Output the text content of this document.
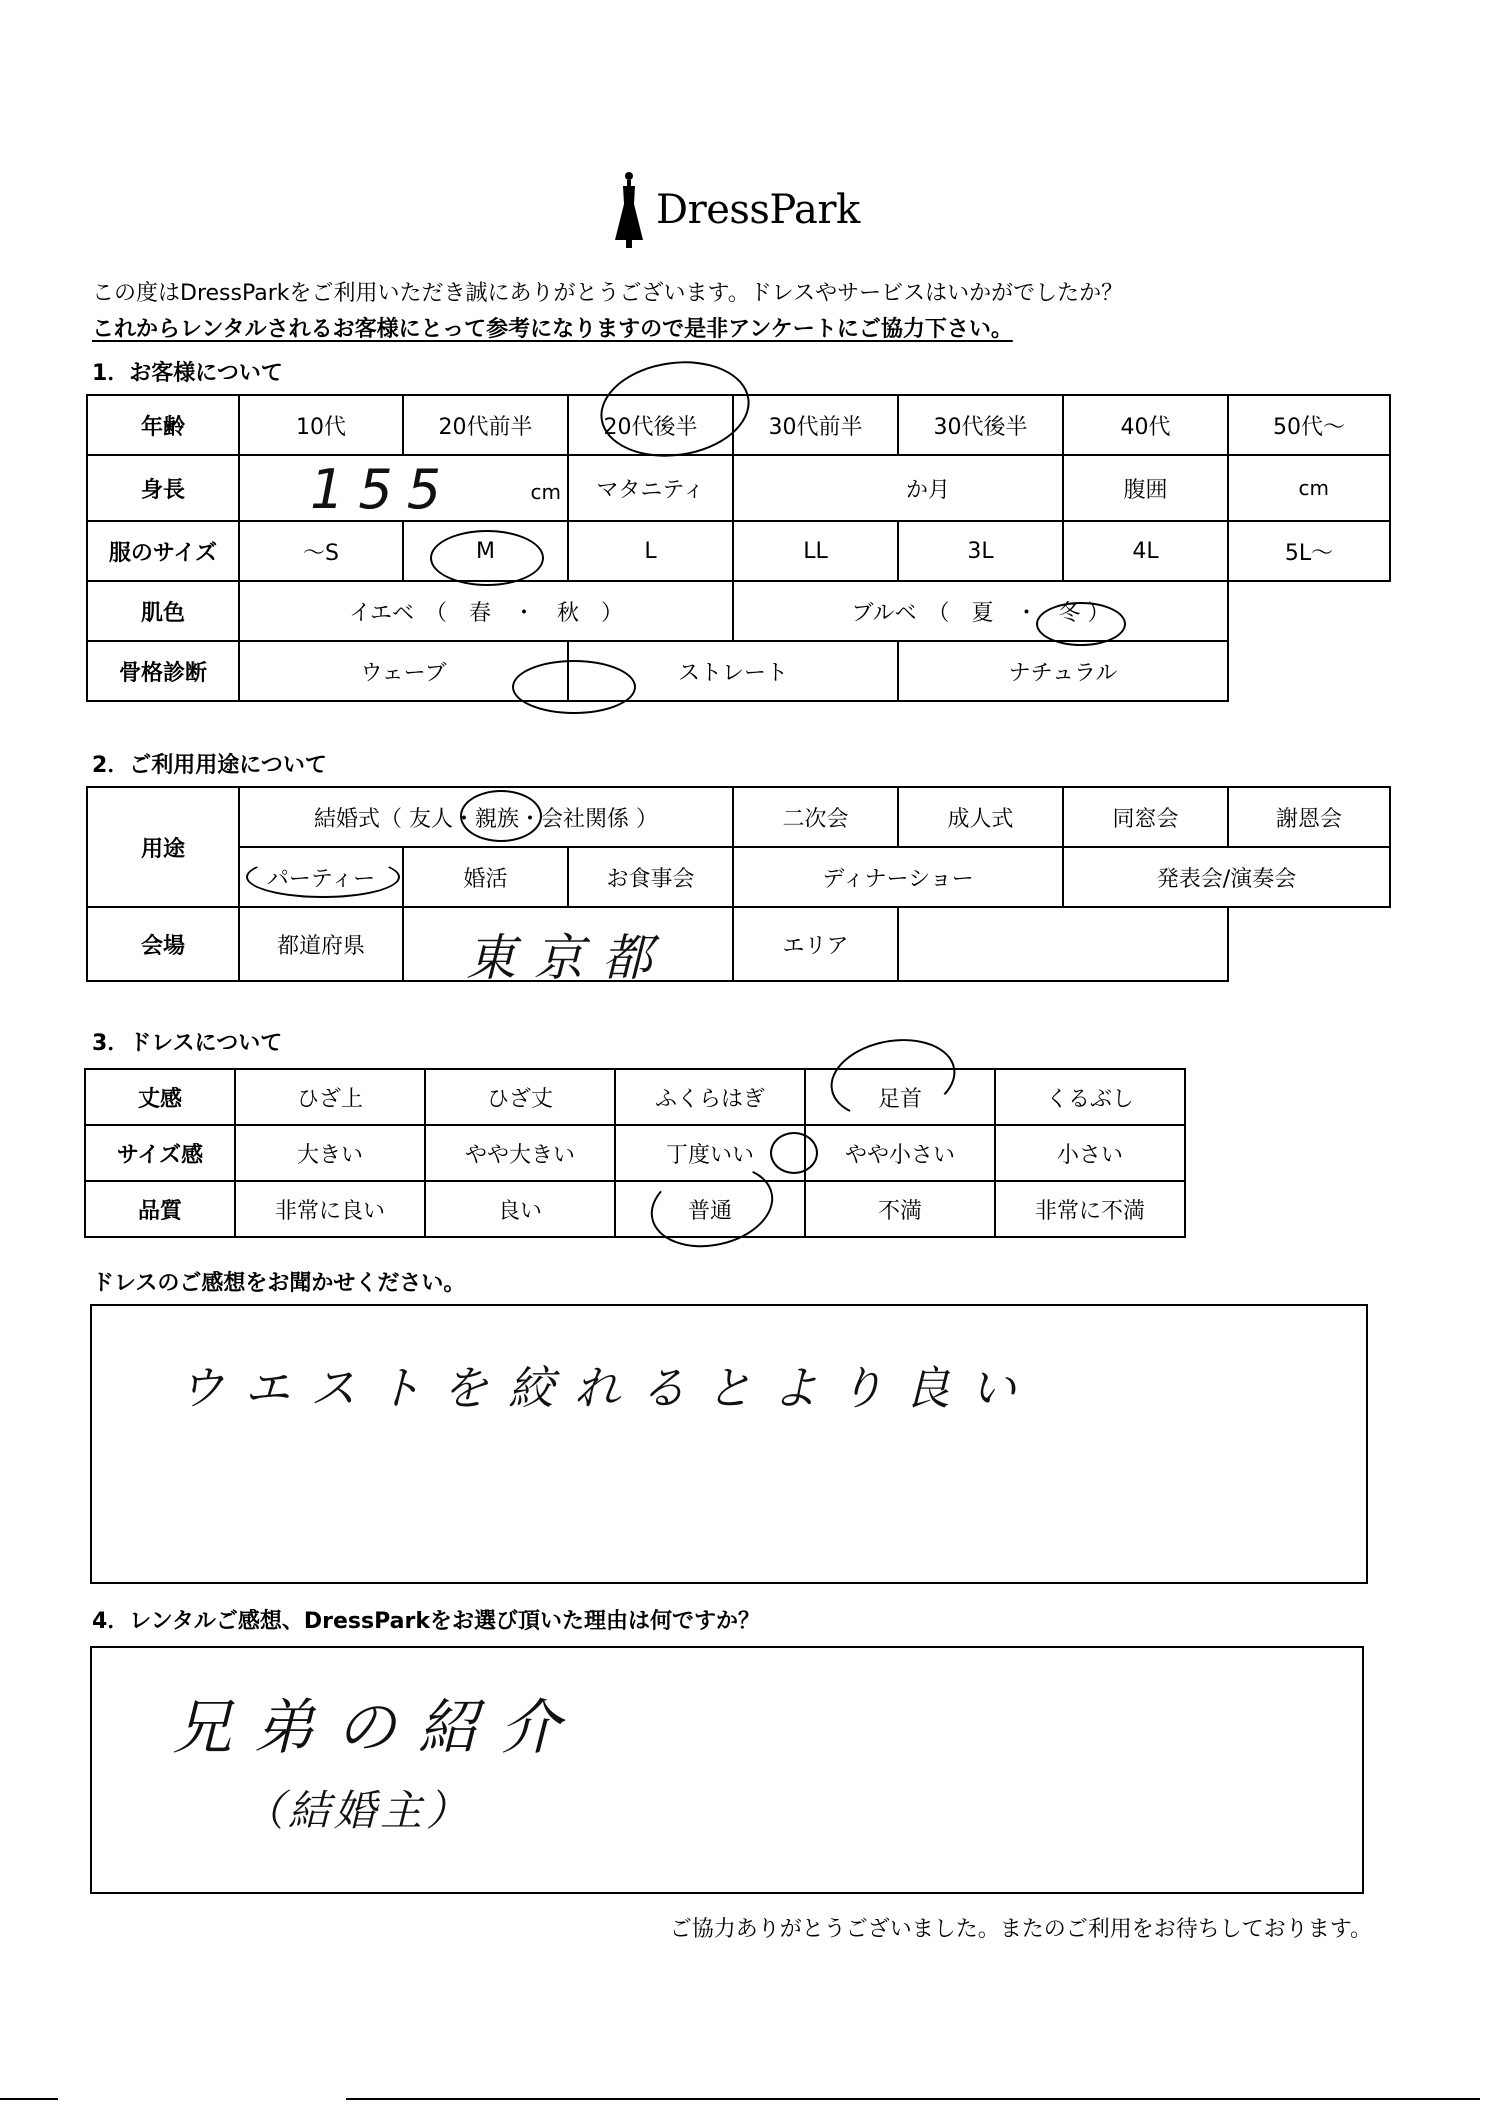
DressPark
この度はDressParkをご利用いただき誠にありがとうございます。ドレスやサービスはいかがでしたか？
これからレンタルされるお客様にとって参考になりますので是非アンケートにご協力下さい。
1．お客様について
年齢	10代	20代前半	20代後半	30代前半	30代後半	40代	50代～
身長	155 cm		マタニティ	か月		腹囲	cm
服のサイズ	～S	M	L	LL	3L	4L	5L～
肌色	イエベ　（　春　・　秋　）			ブルベ　（　夏　・ 冬 ）			
骨格診断	ウェーブ		ストレート		ナチュラル		
2．ご利用用途について
用途	結婚式（ 友人・親族・会社関係 ）			二次会	成人式	同窓会	謝恩会
	パーティー	婚活	お食事会	ディナーショー		発表会/演奏会	
会場	都道府県	東京都		エリア			
3．ドレスについて
丈感	ひざ上	ひざ丈	ふくらはぎ	足首	くるぶし
サイズ感	大きい	やや大きい	丁度いい	やや小さい	小さい
品質	非常に良い	良い	普通	不満	非常に不満
ドレスのご感想をお聞かせください。
ウエストを絞れるとより良い
4．レンタルご感想、DressParkをお選び頂いた理由は何ですか？
兄弟の紹介
（結婚主）
ご協力ありがとうございました。またのご利用をお待ちしております。
